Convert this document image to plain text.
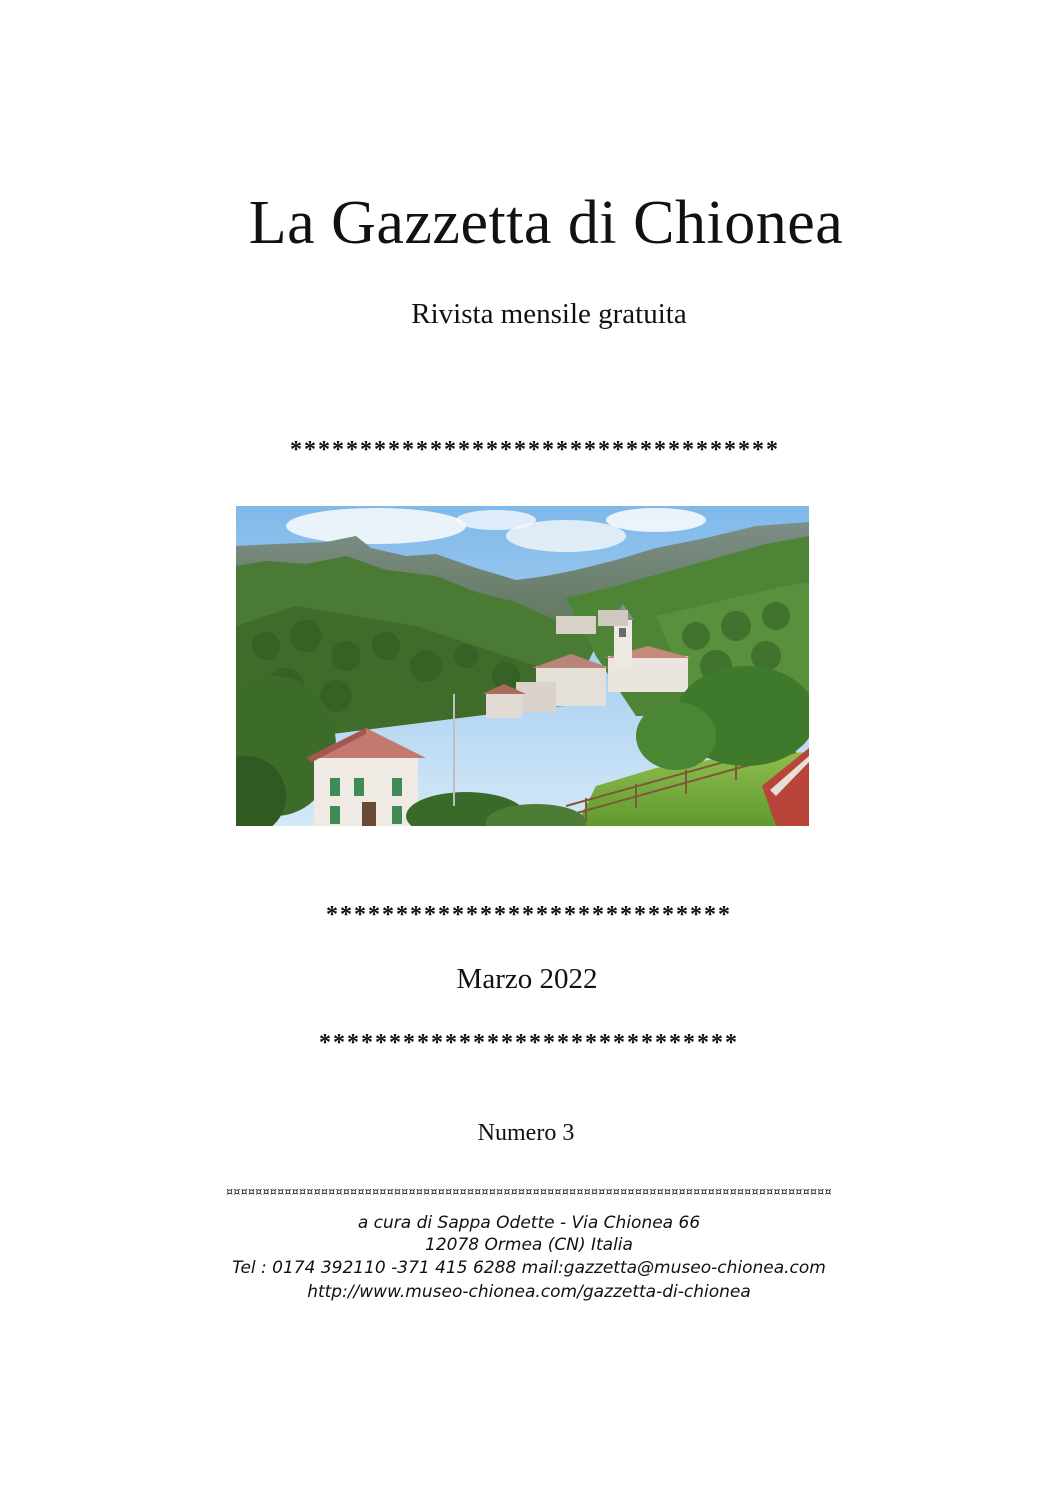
La Gazzetta di Chionea
Rivista mensile gratuita
***********************************
*****************************
Marzo 2022
******************************
Numero 3
¤¤¤¤¤¤¤¤¤¤¤¤¤¤¤¤¤¤¤¤¤¤¤¤¤¤¤¤¤¤¤¤¤¤¤¤¤¤¤¤¤¤¤¤¤¤¤¤¤¤¤¤¤¤¤¤¤¤¤¤¤¤¤¤¤¤¤¤¤¤¤¤¤¤¤¤¤¤¤¤¤¤¤
a cura di Sappa Odette - Via Chionea 66
12078 Ormea (CN) Italia
Tel : 0174 392110 -371 415 6288 mail:gazzetta@museo-chionea.com
http://www.museo-chionea.com/gazzetta-di-chionea
